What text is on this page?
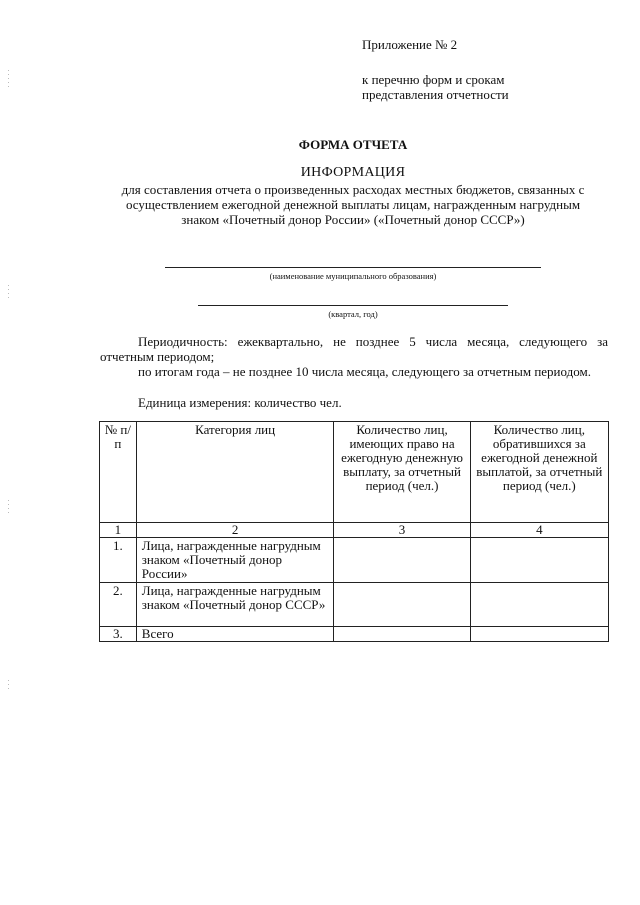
Приложение № 2
к перечню форм и срокам
представления отчетности
ФОРМА ОТЧЕТА
ИНФОРМАЦИЯ
для составления отчета о произведенных расходах местных бюджетов, связанных с осуществлением ежегодной денежной выплаты лицам, награжденным нагрудным знаком «Почетный донор России» («Почетный донор СССР»)
(наименование муниципального образования)
(квартал, год)
Периодичность: ежеквартально, не позднее 5 числа месяца, следующего за отчетным периодом;
по итогам года – не позднее 10 числа месяца, следующего за отчетным периодом.
Единица измерения: количество чел.
№ п/п	Категория лиц	Количество лиц, имеющих право на ежегодную денежную выплату, за отчетный период (чел.)	Количество лиц, обратившихся за ежегодной денежной выплатой, за отчетный период (чел.)
1	2	3	4
1.	Лица, награжденные нагрудным знаком «Почетный донор России»		
2.	Лица, награжденные нагрудным знаком «Почетный донор СССР»		
3.	Всего		
